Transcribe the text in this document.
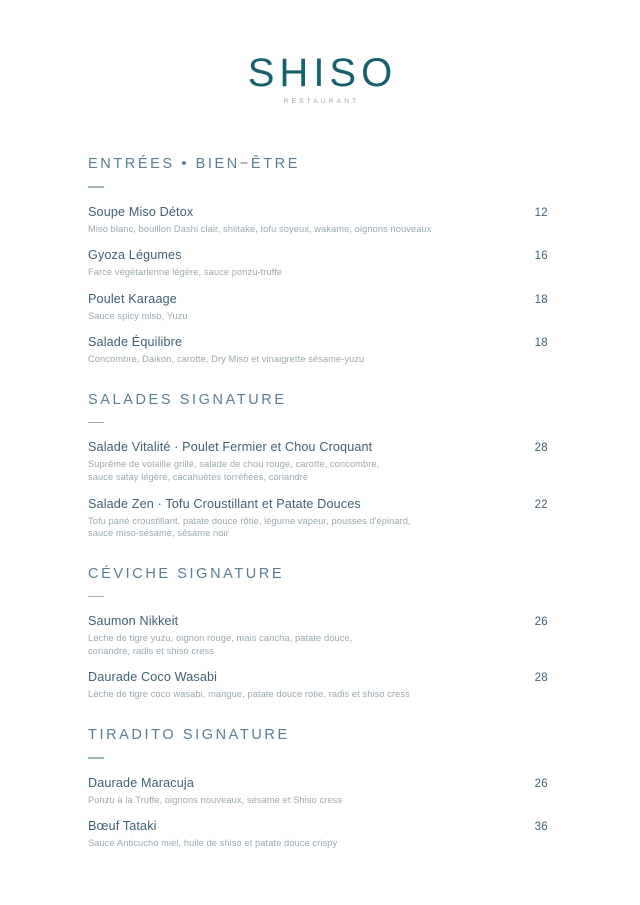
SHISO
RESTAURANT
ENTRÉES • BIEN−ÊTRE
Soupe Miso Détox	12
Miso blanc, bouillon Dashi clair, shiitake, tofu soyeux, wakame, oignons nouveaux
Gyoza Légumes	16
Farce végétarienne légère, sauce ponzu-truffe
Poulet Karaage	18
Sauce spicy miso, Yuzu
Salade Équilibre	18
Concombre, Daikon, carotte, Dry Miso et vinaigrette sésame-yuzu
SALADES SIGNATURE
Salade Vitalité · Poulet Fermier et Chou Croquant	28
Suprême de volaille grillé, salade de chou rouge, carotte, concombre,
sauce satay légère, cacahuètes torréfiées, coriandre
Salade Zen · Tofu Croustillant et Patate Douces	22
Tofu pané croustillant, patate douce rôtie, légume vapeur, pousses d'épinard,
sauce miso-sésame, sésame noir
CÉVICHE SIGNATURE
Saumon Nikkeit	26
Leche de tigre yuzu, oignon rouge, mais cancha, patate douce,
coriandre, radis et shiso cress
Daurade Coco Wasabi	28
Lèche de tigre coco wasabi, mangue, patate douce rotie, radis et shiso cress
TIRADITO SIGNATURE
Daurade Maracuja	26
Ponzu à la Truffe, oignons nouveaux, sésame et Shiso cress
Bœuf Tataki	36
Sauce Anticucho miel, huile de shiso et patate douce crispy
